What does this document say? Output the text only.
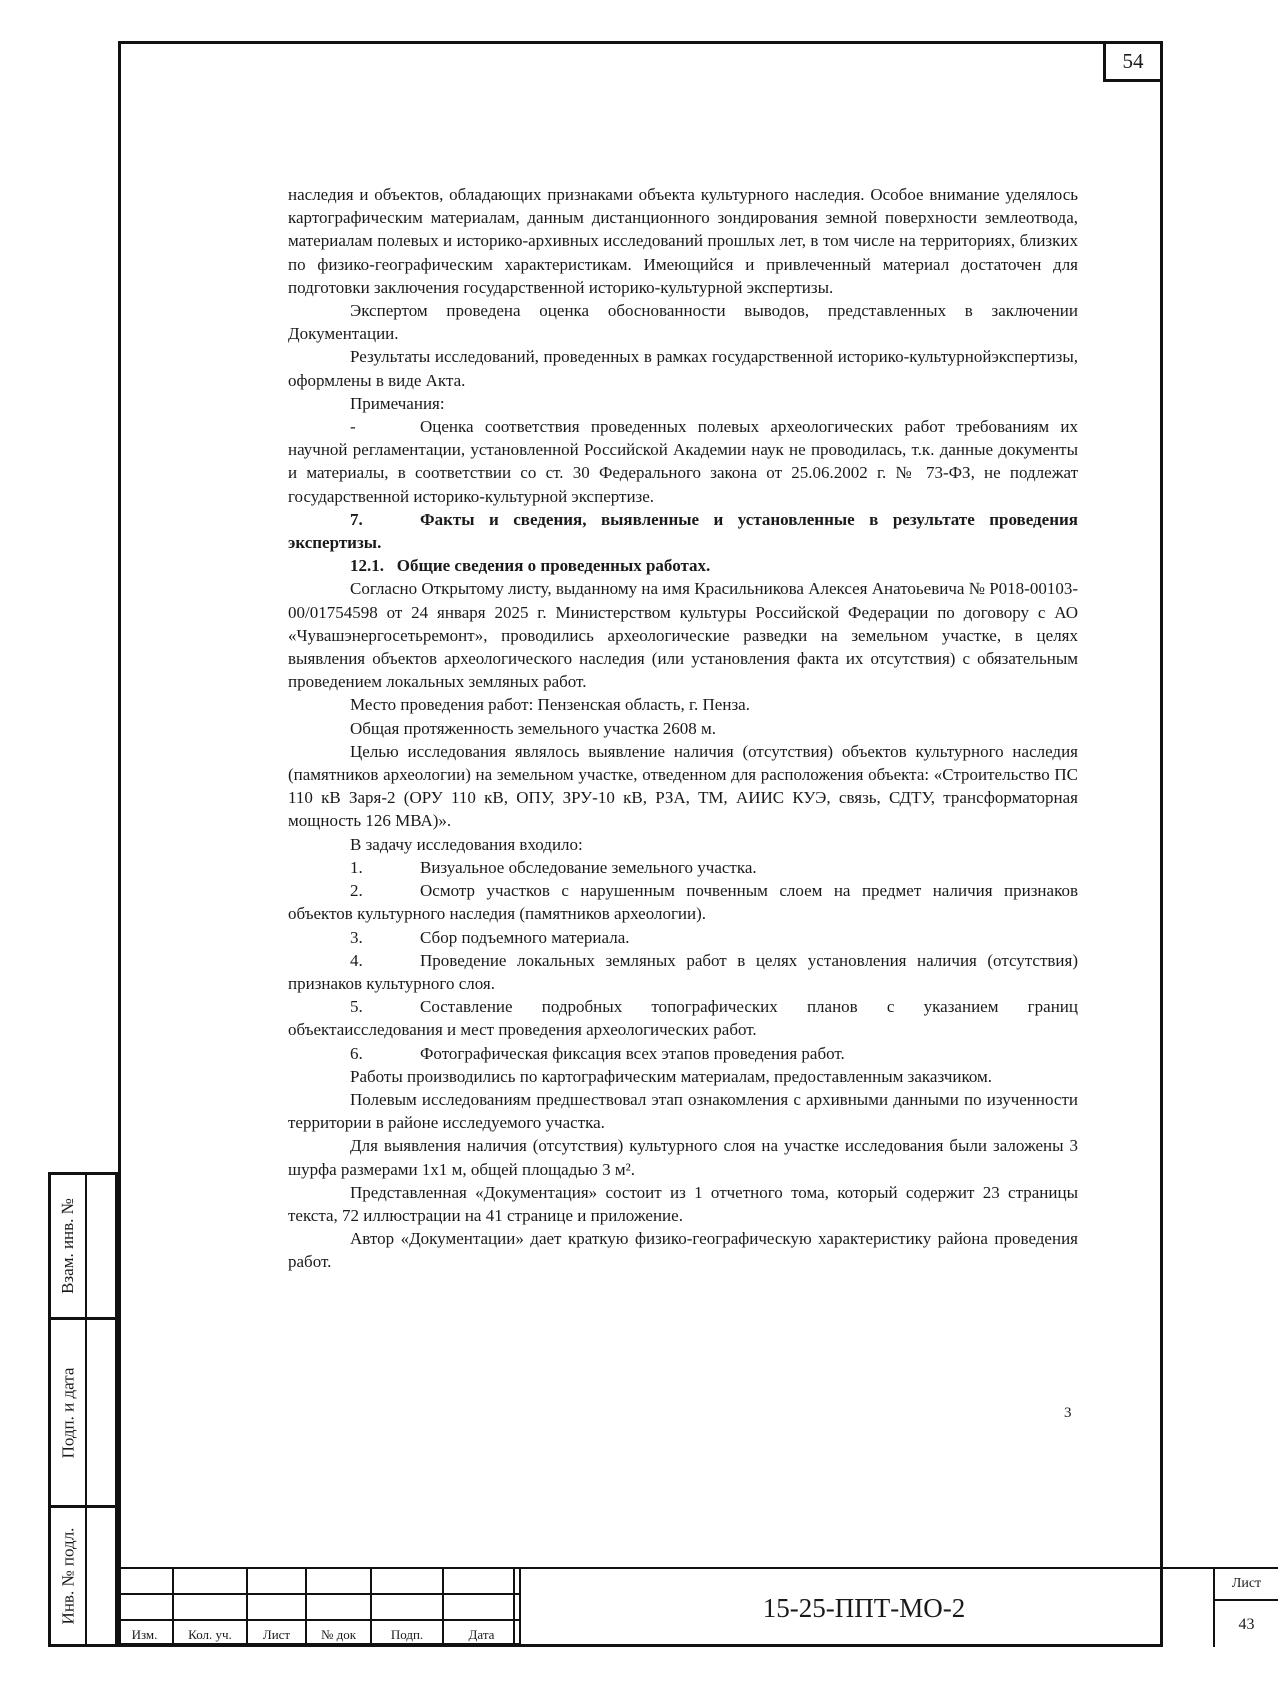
54
Взам. инв. №
Подп. и дата
Инв. № подл.

наследия и объектов, обладающих признаками объекта культурного наследия. Особое внимание уделялось картографическим материалам, данным дистанционного зондирования земной поверхности землеотвода, материалам полевых и историко-архивных исследований прошлых лет, в том числе на территориях, близких по физико-географическим характеристикам. Имеющийся и привлеченный материал достаточен для подготовки заключения государственной историко-культурной экспертизы.

Экспертом проведена оценка обоснованности выводов, представленных в заключении Документации.

Результаты исследований, проведенных в рамках государственной историко-культурнойэкспертизы, оформлены в виде Акта.

Примечания:

-	Оценка соответствия проведенных полевых археологических работ требованиям их научной регламентации, установленной Российской Академии наук не проводилась, т.к. данные документы и материалы, в соответствии со ст. 30 Федерального закона от 25.06.2002 г. № 73-ФЗ, не подлежат государственной историко-культурной экспертизе.

7.	Факты и сведения, выявленные и установленные в результате проведения экспертизы.

12.1. Общие сведения о проведенных работах.

Согласно Открытому листу, выданному на имя Красильникова Алексея Анатоьевича № Р018-00103-00/01754598 от 24 января 2025 г. Министерством культуры Российской Федерации по договору с АО «Чувашэнергосетьремонт», проводились археологические разведки на земельном участке, в целях выявления объектов археологического наследия (или установления факта их отсутствия) с обязательным проведением локальных земляных работ.

Место проведения работ: Пензенская область, г. Пенза.

Общая протяженность земельного участка 2608 м.

Целью исследования являлось выявление наличия (отсутствия) объектов культурного наследия (памятников археологии) на земельном участке, отведенном для расположения объекта: «Строительство ПС 110 кВ Заря-2 (ОРУ 110 кВ, ОПУ, ЗРУ-10 кВ, РЗА, ТМ, АИИС КУЭ, связь, СДТУ, трансформаторная мощность 126 МВА)».

В задачу исследования входило:

1.	Визуальное обследование земельного участка.

2.	Осмотр участков с нарушенным почвенным слоем на предмет наличия признаков объектов культурного наследия (памятников археологии).

3.	Сбор подъемного материала.

4.	Проведение локальных земляных работ в целях установления наличия (отсутствия) признаков культурного слоя.

5.	Составление подробных топографических планов с указанием границ объектаисследования и мест проведения археологических работ.

6.	Фотографическая фиксация всех этапов проведения работ.

Работы производились по картографическим материалам, предоставленным заказчиком.

Полевым исследованиям предшествовал этап ознакомления с архивными данными по изученности территории в районе исследуемого участка.

Для выявления наличия (отсутствия) культурного слоя на участке исследования были заложены 3 шурфа размерами 1х1 м, общей площадью 3 м².

Представленная «Документация» состоит из 1 отчетного тома, который содержит 23 страницы текста, 72 иллюстрации на 41 странице и приложение.

Автор «Документации» дает краткую физико-географическую характеристику района проведения работ.

3

Изм.	Кол. уч.	Лист	№ док	Подп.	Дата
15-25-ППТ-МО-2
Лист
43
